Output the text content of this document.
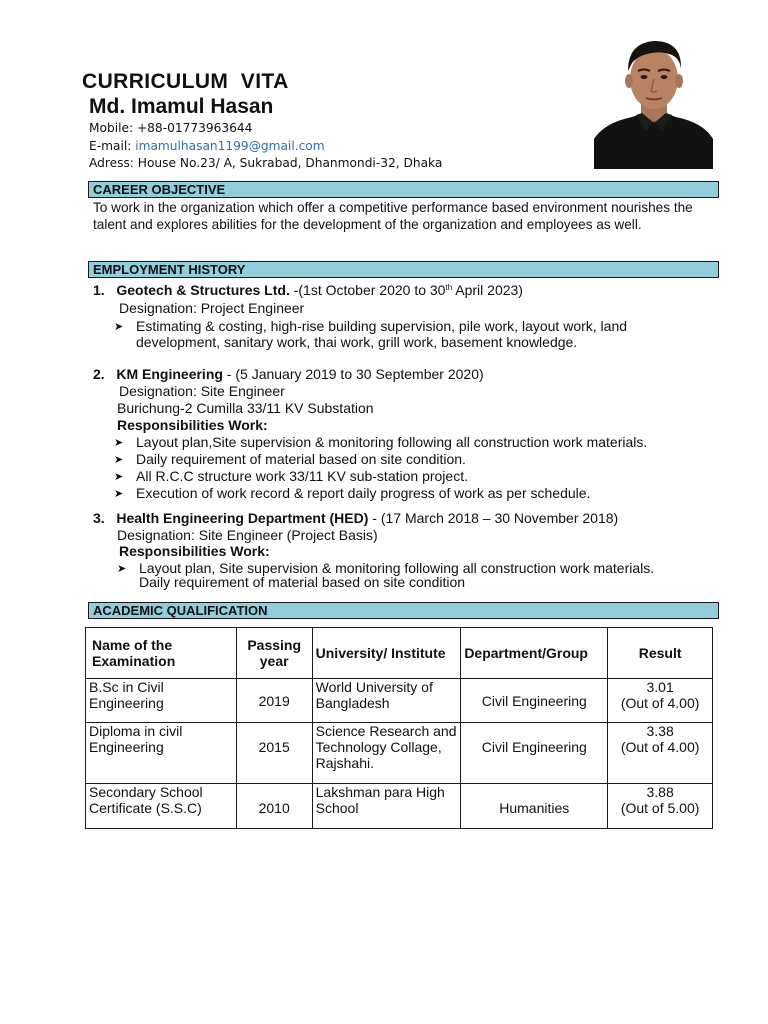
CURRICULUM  VITA
Md. Imamul Hasan
Mobile: +88-01773963644
E-mail: imamulhasan1199@gmail.com
Adress: House No.23/ A, Sukrabad, Dhanmondi-32, Dhaka
CAREER OBJECTIVE
To work in the organization which offer a competitive performance based environment nourishes the talent and explores abilities for the development of the organization and employees as well.
EMPLOYMENT HISTORY
1. Geotech & Structures Ltd. -(1st October 2020 to 30th April 2023)
Designation: Project Engineer
➤ Estimating & costing, high-rise building supervision, pile work, layout work, land
development, sanitary work, thai work, grill work, basement knowledge.
2. KM Engineering - (5 January 2019 to 30 September 2020)
Designation: Site Engineer
Burichung-2 Cumilla 33/11 KV Substation
Responsibilities Work:
➤ Layout plan,Site supervision & monitoring following all construction work materials.
➤ Daily requirement of material based on site condition.
➤ All R.C.C structure work 33/11 KV sub-station project.
➤ Execution of work record & report daily progress of work as per schedule.
3. Health Engineering Department (HED) - (17 March 2018 – 30 November 2018)
Designation: Site Engineer (Project Basis)
Responsibilities Work:
➤ Layout plan, Site supervision & monitoring following all construction work materials.
Daily requirement of material based on site condition
ACADEMIC QUALIFICATION
Name of the Examination	Passing year	University/ Institute	Department/Group	Result
B.Sc in Civil Engineering	2019	World University of Bangladesh	Civil Engineering	3.01
(Out of 4.00)

Diploma in civil Engineering	2015	Science Research and Technology Collage, Rajshahi.	Civil Engineering	3.38
(Out of 4.00)

Secondary School Certificate (S.S.C)	2010	Lakshman para High School	Humanities	3.88
(Out of 5.00)
